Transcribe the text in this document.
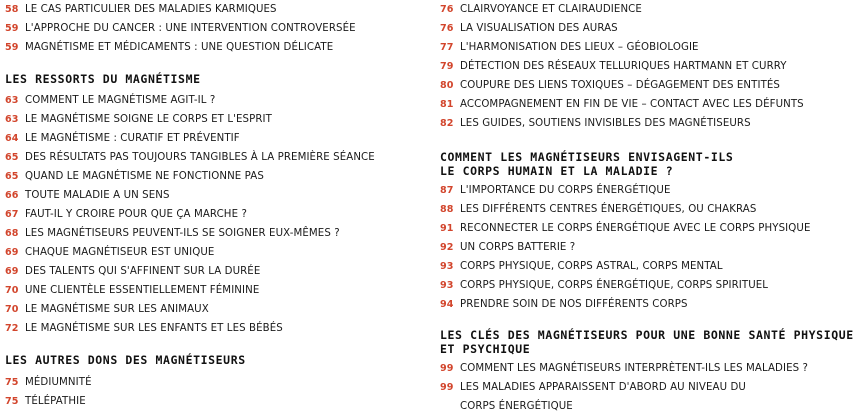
58 LE CAS PARTICULIER DES MALADIES KARMIQUES
59 L'APPROCHE DU CANCER : UNE INTERVENTION CONTROVERSÉE
59 MAGNÉTISME ET MÉDICAMENTS : UNE QUESTION DÉLICATE
LES RESSORTS DU MAGNÉTISME
63 COMMENT LE MAGNÉTISME AGIT-IL ?
63 LE MAGNÉTISME SOIGNE LE CORPS ET L'ESPRIT
64 LE MAGNÉTISME : CURATIF ET PRÉVENTIF
65 DES RÉSULTATS PAS TOUJOURS TANGIBLES À LA PREMIÈRE SÉANCE
65 QUAND LE MAGNÉTISME NE FONCTIONNE PAS
66 TOUTE MALADIE A UN SENS
67 FAUT-IL Y CROIRE POUR QUE ÇA MARCHE ?
68 LES MAGNÉTISEURS PEUVENT-ILS SE SOIGNER EUX-MÊMES ?
69 CHAQUE MAGNÉTISEUR EST UNIQUE
69 DES TALENTS QUI S'AFFINENT SUR LA DURÉE
70 UNE CLIENTÈLE ESSENTIELLEMENT FÉMININE
70 LE MAGNÉTISME SUR LES ANIMAUX
72 LE MAGNÉTISME SUR LES ENFANTS ET LES BÉBÉS
LES AUTRES DONS DES MAGNÉTISEURS
75 MÉDIUMNITÉ
75 TÉLÉPATHIE
76 CLAIRVOYANCE ET CLAIRAUDIENCE
76 LA VISUALISATION DES AURAS
77 L'HARMONISATION DES LIEUX – GÉOBIOLOGIE
79 DÉTECTION DES RÉSEAUX TELLURIQUES HARTMANN ET CURRY
80 COUPURE DES LIENS TOXIQUES – DÉGAGEMENT DES ENTITÉS
81 ACCOMPAGNEMENT EN FIN DE VIE – CONTACT AVEC LES DÉFUNTS
82 LES GUIDES, SOUTIENS INVISIBLES DES MAGNÉTISEURS
COMMENT LES MAGNÉTISEURS ENVISAGENT-ILS
LE CORPS HUMAIN ET LA MALADIE ?
87 L'IMPORTANCE DU CORPS ÉNERGÉTIQUE
88 LES DIFFÉRENTS CENTRES ÉNERGÉTIQUES, OU CHAKRAS
91 RECONNECTER LE CORPS ÉNERGÉTIQUE AVEC LE CORPS PHYSIQUE
92 UN CORPS BATTERIE ?
93 CORPS PHYSIQUE, CORPS ASTRAL, CORPS MENTAL
93 CORPS PHYSIQUE, CORPS ÉNERGÉTIQUE, CORPS SPIRITUEL
94 PRENDRE SOIN DE NOS DIFFÉRENTS CORPS
LES CLÉS DES MAGNÉTISEURS POUR UNE BONNE SANTÉ PHYSIQUE
ET PSYCHIQUE
99 COMMENT LES MAGNÉTISEURS INTERPRÈTENT-ILS LES MALADIES ?
99 LES MALADIES APPARAISSENT D'ABORD AU NIVEAU DU CORPS ÉNERGÉTIQUE
